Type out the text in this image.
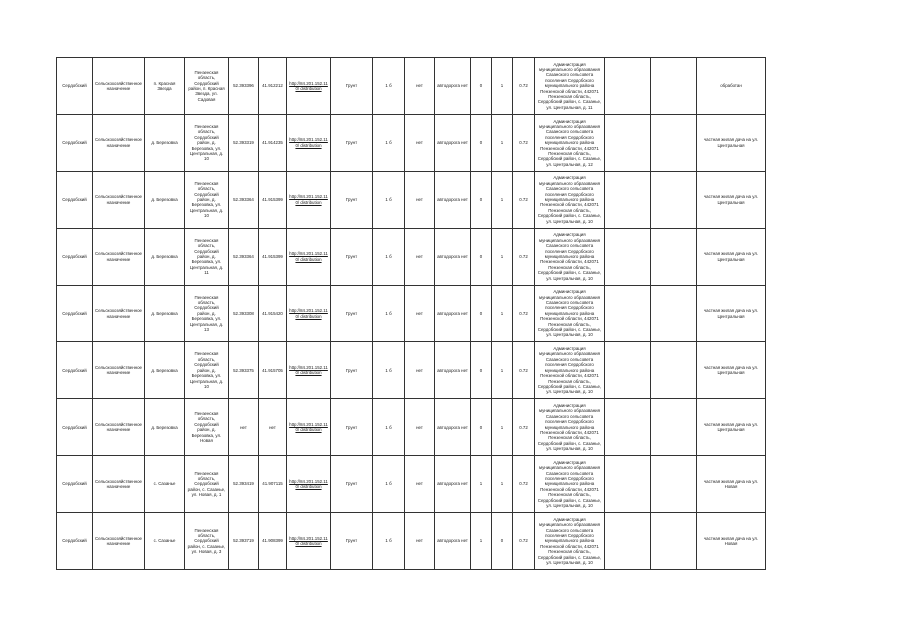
Сердобский	Сельскохозяйственное назначение	п. Красная Звезда	Пензенская область, Сердобский район, п. Красная Звезда, ул. Садовая	52.393396	41.912212	http://84.201.152.110/ distribution	Грунт	1 б	нет	автодорога нет	0	1	0.72	Администрация муниципального образования Сазанского сельсовета поселения Сердобского муниципального района Пензенской области, 442071 Пензенская область, Сердобский район, с. Сазанье, ул. Центральная, д. 11			обработан
Сердобский	Сельскохозяйственное назначение	д. Березовка	Пензенская область, Сердобский район, д. Березовка, ул. Центральная, д. 10	52.393319	41.914235	http://84.201.152.110/ distribution	Грунт	1 б	нет	автодорога нет	0	1	0.72	Администрация муниципального образования Сазанского сельсовета поселения Сердобского муниципального района Пензенской области, 442071 Пензенская область, Сердобский район, с. Сазанье, ул. Центральная, д. 12			частная жилая дача на ул. Центральная
Сердобский	Сельскохозяйственное назначение	д. Березовка	Пензенская область, Сердобский район, д. Березовка, ул. Центральная, д. 10	52.393364	41.915399	http://84.201.152.110/ distribution	Грунт	1 б	нет	автодорога нет	0	1	0.72	Администрация муниципального образования Сазанского сельсовета поселения Сердобского муниципального района Пензенской области, 442071 Пензенская область, Сердобский район, с. Сазанье, ул. Центральная, д. 10			частная жилая дача на ул. Центральная
Сердобский	Сельскохозяйственное назначение	д. Березовка	Пензенская область, Сердобский район, д. Березовка, ул. Центральная, д. 11	52.393364	41.915399	http://84.201.152.110/ distribution	Грунт	1 б	нет	автодорога нет	0	1	0.72	Администрация муниципального образования Сазанского сельсовета поселения Сердобского муниципального района Пензенской области, 442071 Пензенская область, Сердобский район, с. Сазанье, ул. Центральная, д. 10			частная жилая дача на ул. Центральная
Сердобский	Сельскохозяйственное назначение	д. Березовка	Пензенская область, Сердобский район, д. Березовка, ул. Центральная, д. 13	52.393308	41.915420	http://84.201.152.110/ distribution	Грунт	1 б	нет	автодорога нет	0	1	0.72	Администрация муниципального образования Сазанского сельсовета поселения Сердобского муниципального района Пензенской области, 442071 Пензенская область, Сердобский район, с. Сазанье, ул. Центральная, д. 10			частная жилая дача на ул. Центральная
Сердобский	Сельскохозяйственное назначение	д. Березовка	Пензенская область, Сердобский район, д. Березовка, ул. Центральная, д. 10	52.393375	41.915705	http://84.201.152.110/ distribution	Грунт	1 б	нет	автодорога нет	0	1	0.72	Администрация муниципального образования Сазанского сельсовета поселения Сердобского муниципального района Пензенской области, 442071 Пензенская область, Сердобский район, с. Сазанье, ул. Центральная, д. 10			частная жилая дача на ул. Центральная
Сердобский	Сельскохозяйственное назначение	д. Березовка	Пензенская область, Сердобский район, д. Березовка, ул. Новая	нет	нет	http://84.201.152.110/ distribution	Грунт	1 б	нет	автодорога нет	0	1	0.72	Администрация муниципального образования Сазанского сельсовета поселения Сердобского муниципального района Пензенской области, 442071 Пензенская область, Сердобский район, с. Сазанье, ул. Центральная, д. 10			частная жилая дача на ул. Центральная
Сердобский	Сельскохозяйственное назначение	с. Сазанье	Пензенская область, Сердобский район, с. Сазанье, ул. Новая, д. 1	52.393419	41.907115	http://84.201.152.110/ distribution	Грунт	1 б	нет	автодорога нет	1	1	0.72	Администрация муниципального образования Сазанского сельсовета поселения Сердобского муниципального района Пензенской области, 442071 Пензенская область, Сердобский район, с. Сазанье, ул. Центральная, д. 10			частная жилая дача на ул. Новая
Сердобский	Сельскохозяйственное назначение	с. Сазанье	Пензенская область, Сердобский район, с. Сазанье, ул. Новая, д. 3	52.393719	41.908399	http://84.201.152.110/ distribution	Грунт	1 б	нет	автодорога нет	1	0	0.72	Администрация муниципального образования Сазанского сельсовета поселения Сердобского муниципального района Пензенской области, 442071 Пензенская область, Сердобский район, с. Сазанье, ул. Центральная, д. 10			частная жилая дача на ул. Новая
